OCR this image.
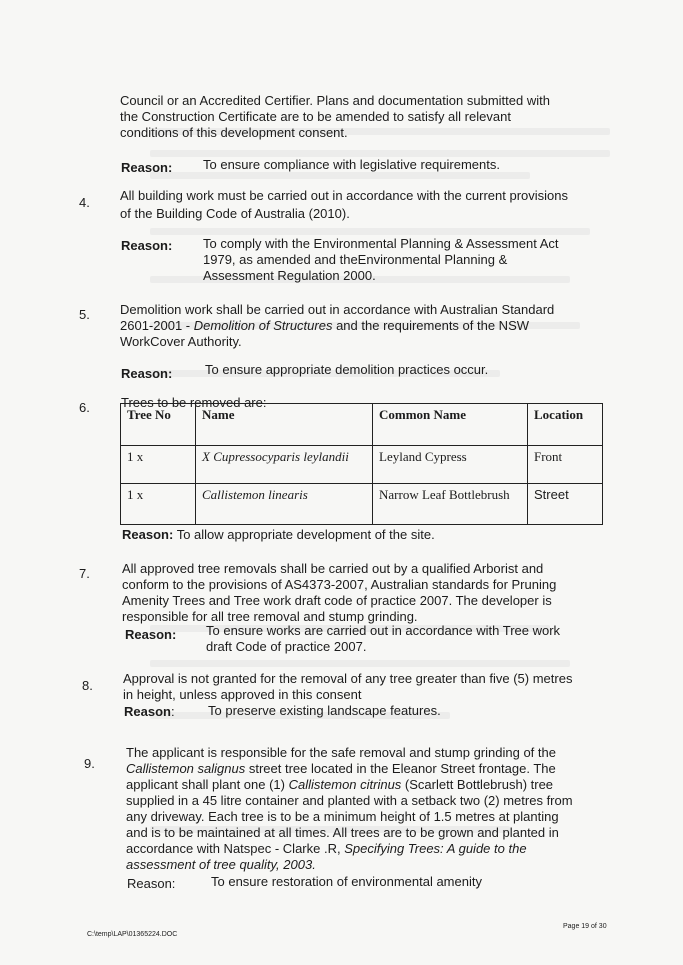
Council or an Accredited Certifier. Plans and documentation submitted with
the Construction Certificate are to be amended to satisfy all relevant
conditions of this development consent.
Reason: To ensure compliance with legislative requirements.
4. All building work must be carried out in accordance with the current provisions
of the Building Code of Australia (2010).
Reason: To comply with the Environmental Planning & Assessment Act
1979, as amended and theEnvironmental Planning &
Assessment Regulation 2000.
5. Demolition work shall be carried out in accordance with Australian Standard
2601-2001 - Demolition of Structures and the requirements of the NSW
WorkCover Authority.
Reason:	To ensure appropriate demolition practices occur.
6. Trees to be removed are:
Tree No	Name	Common Name	Location
1 x	X Cupressocyparis leylandii	Leyland Cypress	Front
1 x	Callistemon linearis	Narrow Leaf Bottlebrush	Street
Reason: To allow appropriate development of the site.
7. All approved tree removals shall be carried out by a qualified Arborist and
conform to the provisions of AS4373-2007, Australian standards for Pruning
Amenity Trees and Tree work draft code of practice 2007. The developer is
responsible for all tree removal and stump grinding.
Reason: To ensure works are carried out in accordance with Tree work
draft Code of practice 2007.
8. Approval is not granted for the removal of any tree greater than five (5) metres
in height, unless approved in this consent
Reason:	To preserve existing landscape features.
9.
The applicant is responsible for the safe removal and stump grinding of the
Callistemon salignus street tree located in the Eleanor Street frontage. The
applicant shall plant one (1) Callistemon citrinus (Scarlett Bottlebrush) tree
supplied in a 45 litre container and planted with a setback two (2) metres from
any driveway. Each tree is to be a minimum height of 1.5 metres at planting
and is to be maintained at all times. All trees are to be grown and planted in
accordance with Natspec - Clarke .R, Specifying Trees: A guide to the
assessment of tree quality, 2003.
Reason:	To ensure restoration of environmental amenity
C:\temp\LAP\01365224.DOC
Page 19 of 30
